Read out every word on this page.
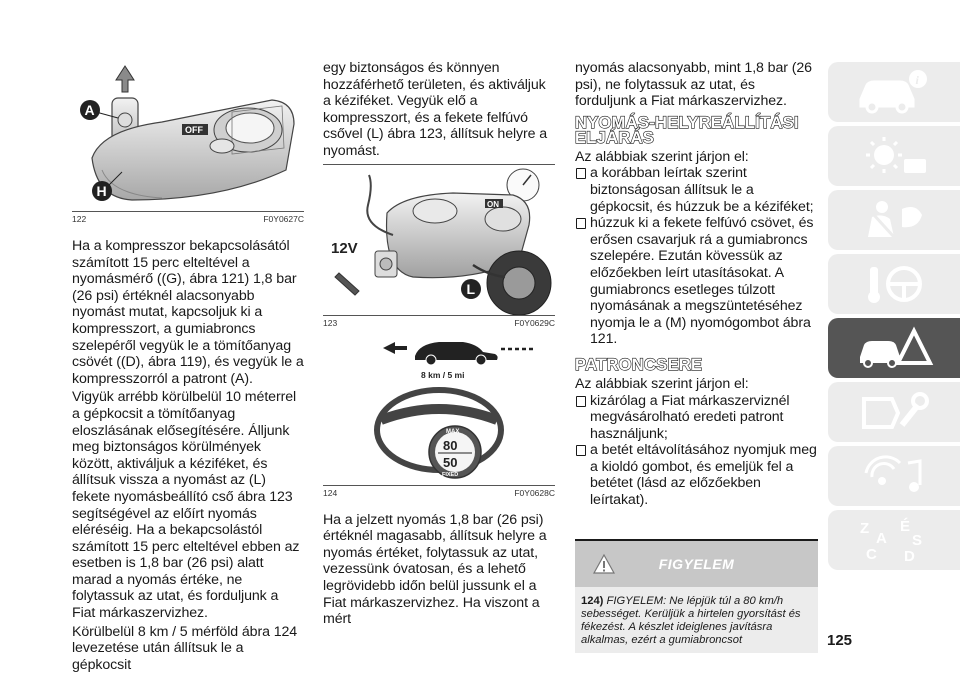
OFF
A
H
122	F0Y0627C

Ha a kompresszor bekapcsolásától számított 15 perc elteltével a nyomásmérő ((G), ábra 121) 1,8 bar (26 psi) értéknél alacsonyabb nyomást mutat, kapcsoljuk ki a kompresszort, a gumiabroncs szelepéről vegyük le a tömítőanyag csövét ((D), ábra 119), és vegyük le a kompresszorról a patront (A).

Vigyük arrébb körülbelül 10 méterrel a gépkocsit a tömítőanyag eloszlásának elősegítésére. Álljunk meg biztonságos körülmények között, aktiváljuk a kéziféket, és állítsuk vissza a nyomást az (L) fekete nyomásbeállító cső ábra 123 segítségével az előírt nyomás eléréséig. Ha a bekapcsolástól számított 15 perc elteltével ebben az esetben is 1,8 bar (26 psi) alatt marad a nyomás értéke, ne folytassuk az utat, és forduljunk a Fiat márkaszervizhez.

Körülbelül 8 km / 5 mérföld ábra 124 levezetése után állítsuk le a gépkocsit

egy biztonságos és könnyen hozzáférhető területen, és aktiváljuk a kéziféket. Vegyük elő a kompresszort, és a fekete felfúvó csővel (L) ábra 123, állítsuk helyre a nyomást.

ON
12V
L
123	F0Y0629C
8 km / 5 mi
MAX
80
50
FIXED
124	F0Y0628C

Ha a jelzett nyomás 1,8 bar (26 psi) értéknél magasabb, állítsuk helyre a nyomás értéket, folytassuk az utat, vezessünk óvatosan, és a lehető legrövidebb időn belül jussunk el a Fiat márkaszervizhez. Ha viszont a mért

nyomás alacsonyabb, mint 1,8 bar (26 psi), ne folytassuk az utat, és forduljunk a Fiat márkaszervizhez.

NYOMÁS-HELYREÁLLÍTÁSI ELJÁRÁS

Az alábbiak szerint járjon el:

a korábban leírtak szerint biztonságosan állítsuk le a gépkocsit, és húzzuk be a kéziféket;

húzzuk ki a fekete felfúvó csövet, és erősen csavarjuk rá a gumiabroncs szelepére. Ezután kövessük az előzőekben leírt utasításokat. A gumiabroncs esetleges túlzott nyomásának a megszüntetéséhez nyomja le a (M) nyomógombot ábra 121.

PATRONCSERE

Az alábbiak szerint járjon el:

kizárólag a Fiat márkaszerviznél megvásárolható eredeti patront használjunk;

a betét eltávolításához nyomjuk meg a kioldó gombot, és emeljük fel a betétet (lásd az előzőekben leírtakat).

FIGYELEM

124) FIGYELEM: Ne lépjük túl a 80 km/h sebességet. Kerüljük a hirtelen gyorsítást és fékezést. A készlet ideiglenes javításra alkalmas, ezért a gumiabroncsot	125
i
Z É
A S
C D
